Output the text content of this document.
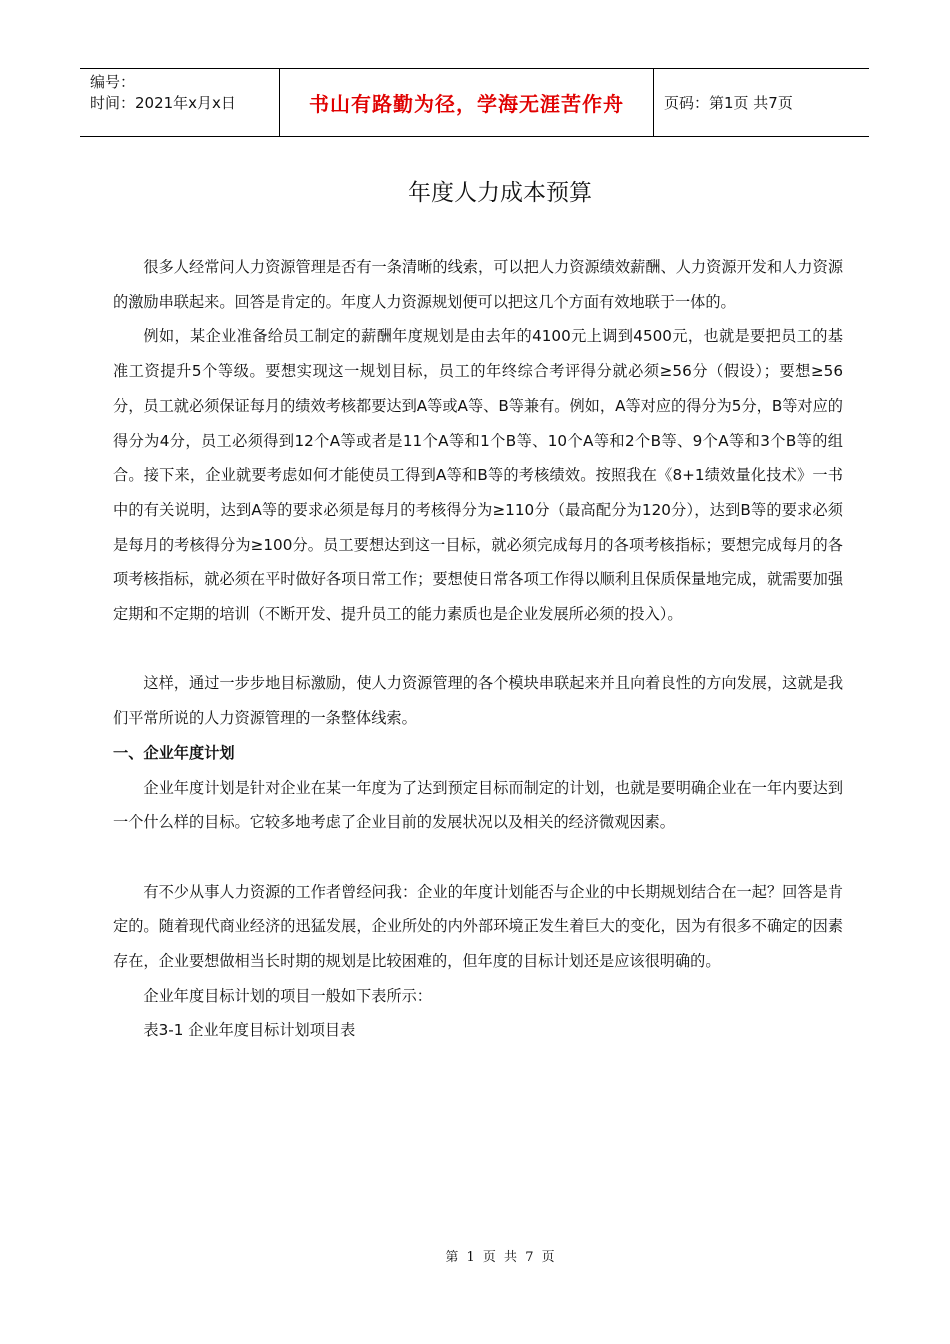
编号：
时间：2021年x月x日	书山有路勤为径，学海无涯苦作舟	页码：第1页 共7页
年度人力成本预算

很多人经常问人力资源管理是否有一条清晰的线索，可以把人力资源绩效薪酬、人力资源开发和人力资源的激励串联起来。回答是肯定的。年度人力资源规划便可以把这几个方面有效地联于一体的。

例如，某企业准备给员工制定的薪酬年度规划是由去年的4100元上调到4500元，也就是要把员工的基准工资提升5个等级。要想实现这一规划目标，员工的年终综合考评得分就必须≥56分（假设）；要想≥56分，员工就必须保证每月的绩效考核都要达到A等或A等、B等兼有。例如，A等对应的得分为5分，B等对应的得分为4分，员工必须得到12个A等或者是11个A等和1个B等、10个A等和2个B等、9个A等和3个B等的组合。接下来，企业就要考虑如何才能使员工得到A等和B等的考核绩效。按照我在《8+1绩效量化技术》一书中的有关说明，达到A等的要求必须是每月的考核得分为≥110分（最高配分为120分），达到B等的要求必须是每月的考核得分为≥100分。员工要想达到这一目标，就必须完成每月的各项考核指标；要想完成每月的各项考核指标，就必须在平时做好各项日常工作；要想使日常各项工作得以顺利且保质保量地完成，就需要加强定期和不定期的培训（不断开发、提升员工的能力素质也是企业发展所必须的投入）。

这样，通过一步步地目标激励，使人力资源管理的各个模块串联起来并且向着良性的方向发展，这就是我们平常所说的人力资源管理的一条整体线索。

一、企业年度计划

企业年度计划是针对企业在某一年度为了达到预定目标而制定的计划，也就是要明确企业在一年内要达到一个什么样的目标。它较多地考虑了企业目前的发展状况以及相关的经济微观因素。

有不少从事人力资源的工作者曾经问我：企业的年度计划能否与企业的中长期规划结合在一起？回答是肯定的。随着现代商业经济的迅猛发展，企业所处的内外部环境正发生着巨大的变化，因为有很多不确定的因素存在，企业要想做相当长时期的规划是比较困难的，但年度的目标计划还是应该很明确的。

企业年度目标计划的项目一般如下表所示：

表3-1 企业年度目标计划项目表

第 1 页 共 7 页
